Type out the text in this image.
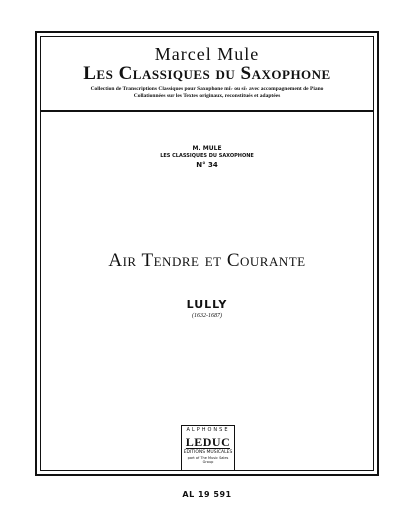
Marcel Mule
Les Classiques du Saxophone
Collection de Transcriptions Classiques pour Saxophone mi♭ ou si♭ avec accompagnement de Piano
Collationnées sur les Textes originaux, reconstitués et adaptées
M. MULE
LES CLASSIQUES DU SAXOPHONE
N° 34
Air Tendre et Courante
LULLY
(1632-1687)
ALPHONSE
LEDUC
ÉDITIONS MUSICALES
part of The Music Sales Group
AL 19 591
